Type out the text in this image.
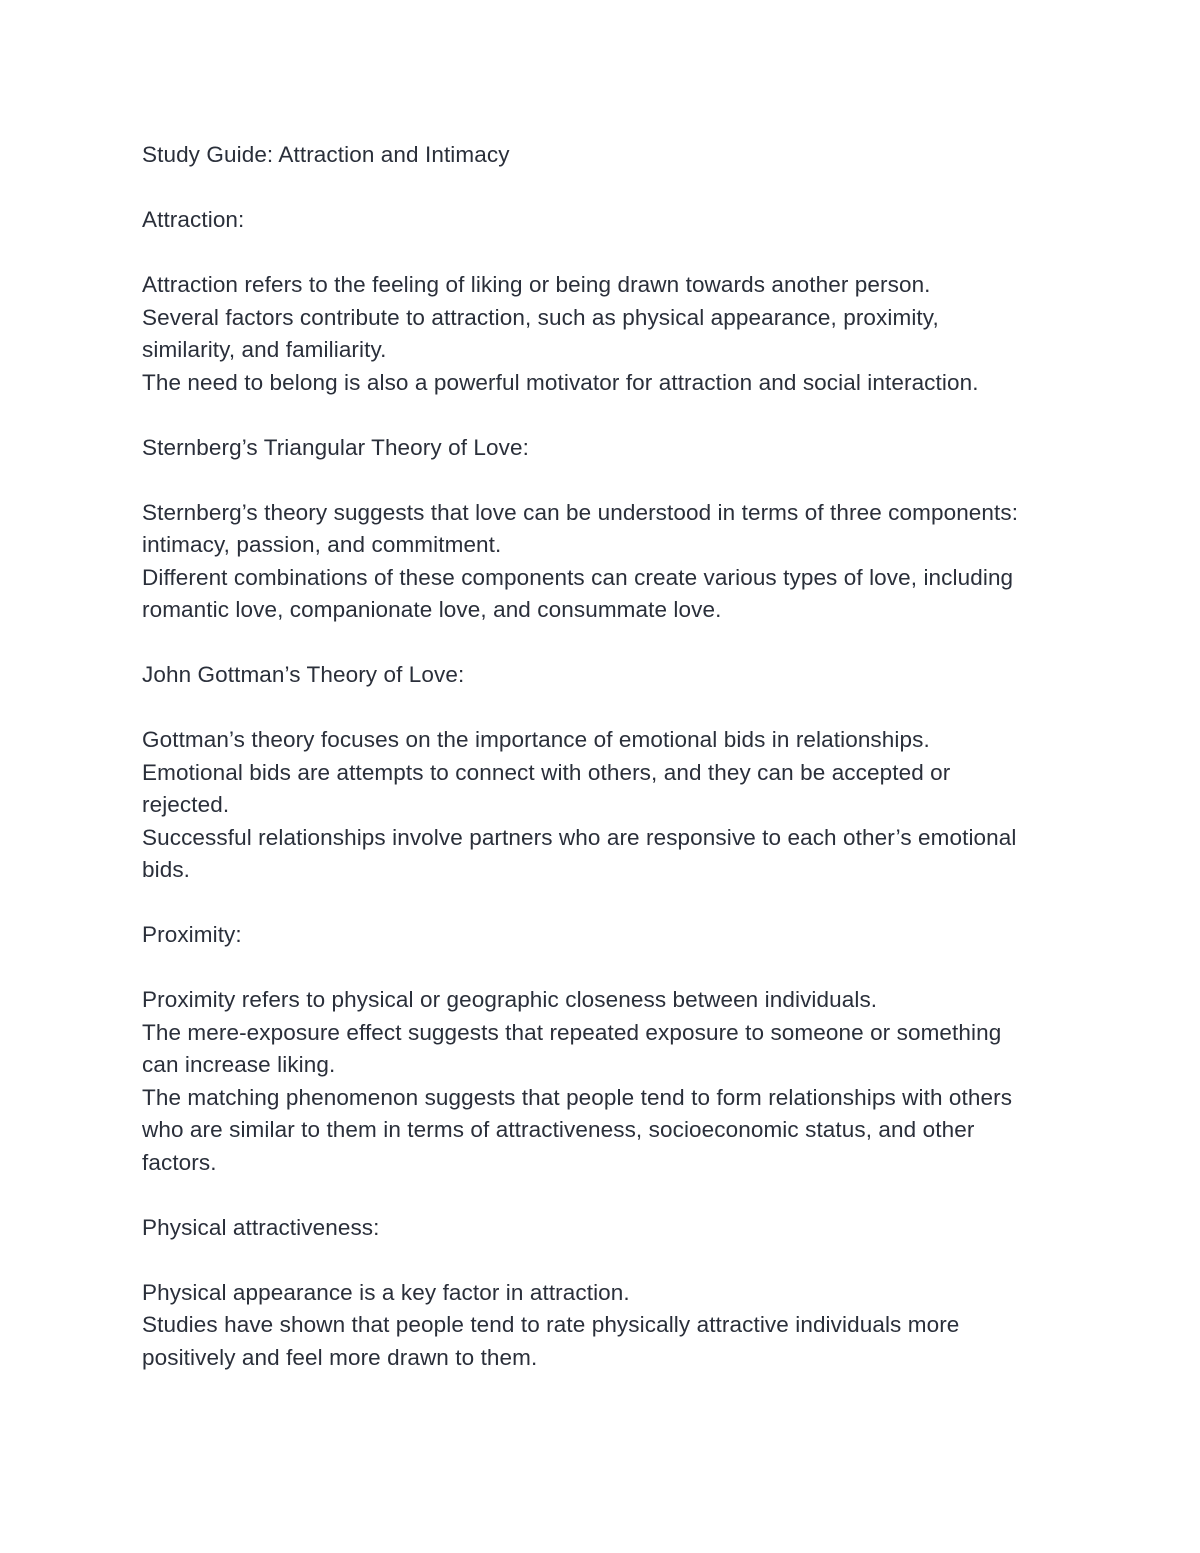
Study Guide: Attraction and Intimacy
Attraction:
Attraction refers to the feeling of liking or being drawn towards another person.
Several factors contribute to attraction, such as physical appearance, proximity,
similarity, and familiarity.
The need to belong is also a powerful motivator for attraction and social interaction.
Sternberg’s Triangular Theory of Love:
Sternberg’s theory suggests that love can be understood in terms of three components:
intimacy, passion, and commitment.
Different combinations of these components can create various types of love, including
romantic love, companionate love, and consummate love.
John Gottman’s Theory of Love:
Gottman’s theory focuses on the importance of emotional bids in relationships.
Emotional bids are attempts to connect with others, and they can be accepted or
rejected.
Successful relationships involve partners who are responsive to each other’s emotional
bids.
Proximity:
Proximity refers to physical or geographic closeness between individuals.
The mere-exposure effect suggests that repeated exposure to someone or something
can increase liking.
The matching phenomenon suggests that people tend to form relationships with others
who are similar to them in terms of attractiveness, socioeconomic status, and other
factors.
Physical attractiveness:
Physical appearance is a key factor in attraction.
Studies have shown that people tend to rate physically attractive individuals more
positively and feel more drawn to them.
